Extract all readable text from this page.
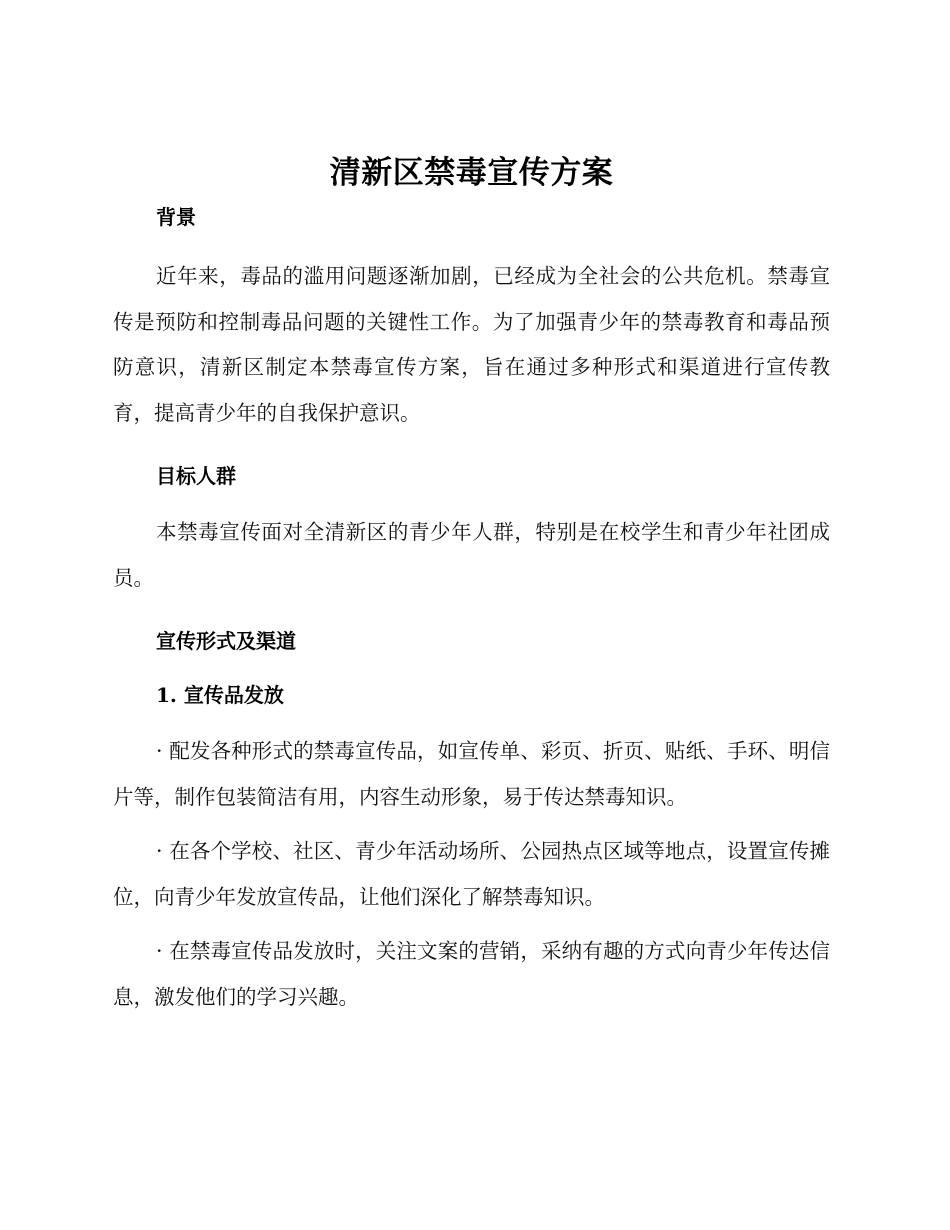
清新区禁毒宣传方案
背景

近年来，毒品的滥用问题逐渐加剧，已经成为全社会的公共危机。禁毒宣传是预防和控制毒品问题的关键性工作。为了加强青少年的禁毒教育和毒品预防意识，清新区制定本禁毒宣传方案，旨在通过多种形式和渠道进行宣传教育，提高青少年的自我保护意识。

目标人群

本禁毒宣传面对全清新区的青少年人群，特别是在校学生和青少年社团成员。

宣传形式及渠道
1. 宣传品发放

· 配发各种形式的禁毒宣传品，如宣传单、彩页、折页、贴纸、手环、明信片等，制作包装简洁有用，内容生动形象，易于传达禁毒知识。

· 在各个学校、社区、青少年活动场所、公园热点区域等地点，设置宣传摊位，向青少年发放宣传品，让他们深化了解禁毒知识。

· 在禁毒宣传品发放时，关注文案的营销，采纳有趣的方式向青少年传达信息，激发他们的学习兴趣。
